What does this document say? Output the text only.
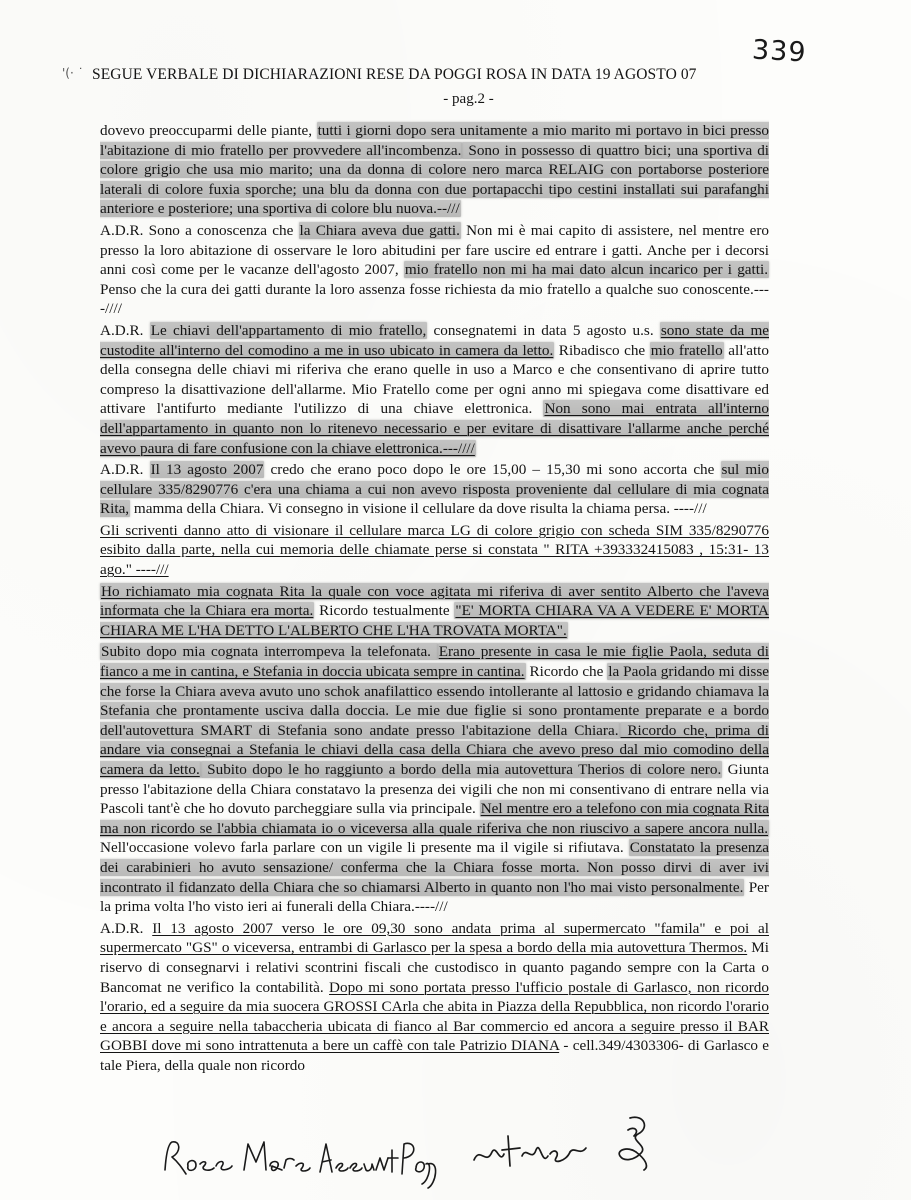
'(· ˙
339
SEGUE VERBALE DI DICHIARAZIONI RESE DA POGGI ROSA IN DATA 19 AGOSTO 07
- pag.2 -

dovevo preoccuparmi delle piante, tutti i giorni dopo sera unitamente a mio marito mi portavo in bici presso l'abitazione di mio fratello per provvedere all'incombenza. Sono in possesso di quattro bici; una sportiva di colore grigio che usa mio marito; una da donna di colore nero marca RELAIG con portaborse posteriore laterali di colore fuxia sporche; una blu da donna con due portapacchi tipo cestini installati sui parafanghi anteriore e posteriore; una sportiva di colore blu nuova.--///

A.D.R. Sono a conoscenza che la Chiara aveva due gatti. Non mi è mai capito di assistere, nel mentre ero presso la loro abitazione di osservare le loro abitudini per fare uscire ed entrare i gatti. Anche per i decorsi anni così come per le vacanze dell'agosto 2007, mio fratello non mi ha mai dato alcun incarico per i gatti. Penso che la cura dei gatti durante la loro assenza fosse richiesta da mio fratello a qualche suo conoscente.----////

A.D.R. Le chiavi dell'appartamento di mio fratello, consegnatemi in data 5 agosto u.s. sono state da me custodite all'interno del comodino a me in uso ubicato in camera da letto. Ribadisco che mio fratello all'atto della consegna delle chiavi mi riferiva che erano quelle in uso a Marco e che consentivano di aprire tutto compreso la disattivazione dell'allarme. Mio Fratello come per ogni anno mi spiegava come disattivare ed attivare l'antifurto mediante l'utilizzo di una chiave elettronica. Non sono mai entrata all'interno dell'appartamento in quanto non lo ritenevo necessario e per evitare di disattivare l'allarme anche perché avevo paura di fare confusione con la chiave elettronica.---////

A.D.R. Il 13 agosto 2007 credo che erano poco dopo le ore 15,00 – 15,30 mi sono accorta che sul mio cellulare 335/8290776 c'era una chiama a cui non avevo risposta proveniente dal cellulare di mia cognata Rita, mamma della Chiara. Vi consegno in visione il cellulare da dove risulta la chiama persa. ----///

Gli scriventi danno atto di visionare il cellulare marca LG di colore grigio con scheda SIM 335/8290776 esibito dalla parte, nella cui memoria delle chiamate perse si constata " RITA +393332415083 , 15:31- 13 ago." ----///

Ho richiamato mia cognata Rita la quale con voce agitata mi riferiva di aver sentito Alberto che l'aveva informata che la Chiara era morta. Ricordo testualmente "E' MORTA CHIARA VA A VEDERE E' MORTA CHIARA ME L'HA DETTO L'ALBERTO CHE L'HA TROVATA MORTA".

Subito dopo mia cognata interrompeva la telefonata. Erano presente in casa le mie figlie Paola, seduta di fianco a me in cantina, e Stefania in doccia ubicata sempre in cantina. Ricordo che la Paola gridando mi disse che forse la Chiara aveva avuto uno schok anafilattico essendo intollerante al lattosio e gridando chiamava la Stefania che prontamente usciva dalla doccia. Le mie due figlie si sono prontamente preparate e a bordo dell'autovettura SMART di Stefania sono andate presso l'abitazione della Chiara. Ricordo che, prima di andare via consegnai a Stefania le chiavi della casa della Chiara che avevo preso dal mio comodino della camera da letto. Subito dopo le ho raggiunto a bordo della mia autovettura Therios di colore nero. Giunta presso l'abitazione della Chiara constatavo la presenza dei vigili che non mi consentivano di entrare nella via Pascoli tant'è che ho dovuto parcheggiare sulla via principale. Nel mentre ero a telefono con mia cognata Rita ma non ricordo se l'abbia chiamata io o viceversa alla quale riferiva che non riuscivo a sapere ancora nulla. Nell'occasione volevo farla parlare con un vigile li presente ma il vigile si rifiutava. Constatato la presenza dei carabinieri ho avuto sensazione/ conferma che la Chiara fosse morta. Non posso dirvi di aver ivi incontrato il fidanzato della Chiara che so chiamarsi Alberto in quanto non l'ho mai visto personalmente. Per la prima volta l'ho visto ieri ai funerali della Chiara.----///

A.D.R. Il 13 agosto 2007 verso le ore 09,30 sono andata prima al supermercato "famila" e poi al supermercato "GS" o viceversa, entrambi di Garlasco per la spesa a bordo della mia autovettura Thermos. Mi riservo di consegnarvi i relativi scontrini fiscali che custodisco in quanto pagando sempre con la Carta o Bancomat ne verifico la contabilità. Dopo mi sono portata presso l'ufficio postale di Garlasco, non ricordo l'orario, ed a seguire da mia suocera GROSSI CArla che abita in Piazza della Repubblica, non ricordo l'orario e ancora a seguire nella tabaccheria ubicata di fianco al Bar commercio ed ancora a seguire presso il BAR GOBBI dove mi sono intrattenuta a bere un caffè con tale Patrizio DIANA - cell.349/4303306- di Garlasco e tale Piera, della quale non ricordo
